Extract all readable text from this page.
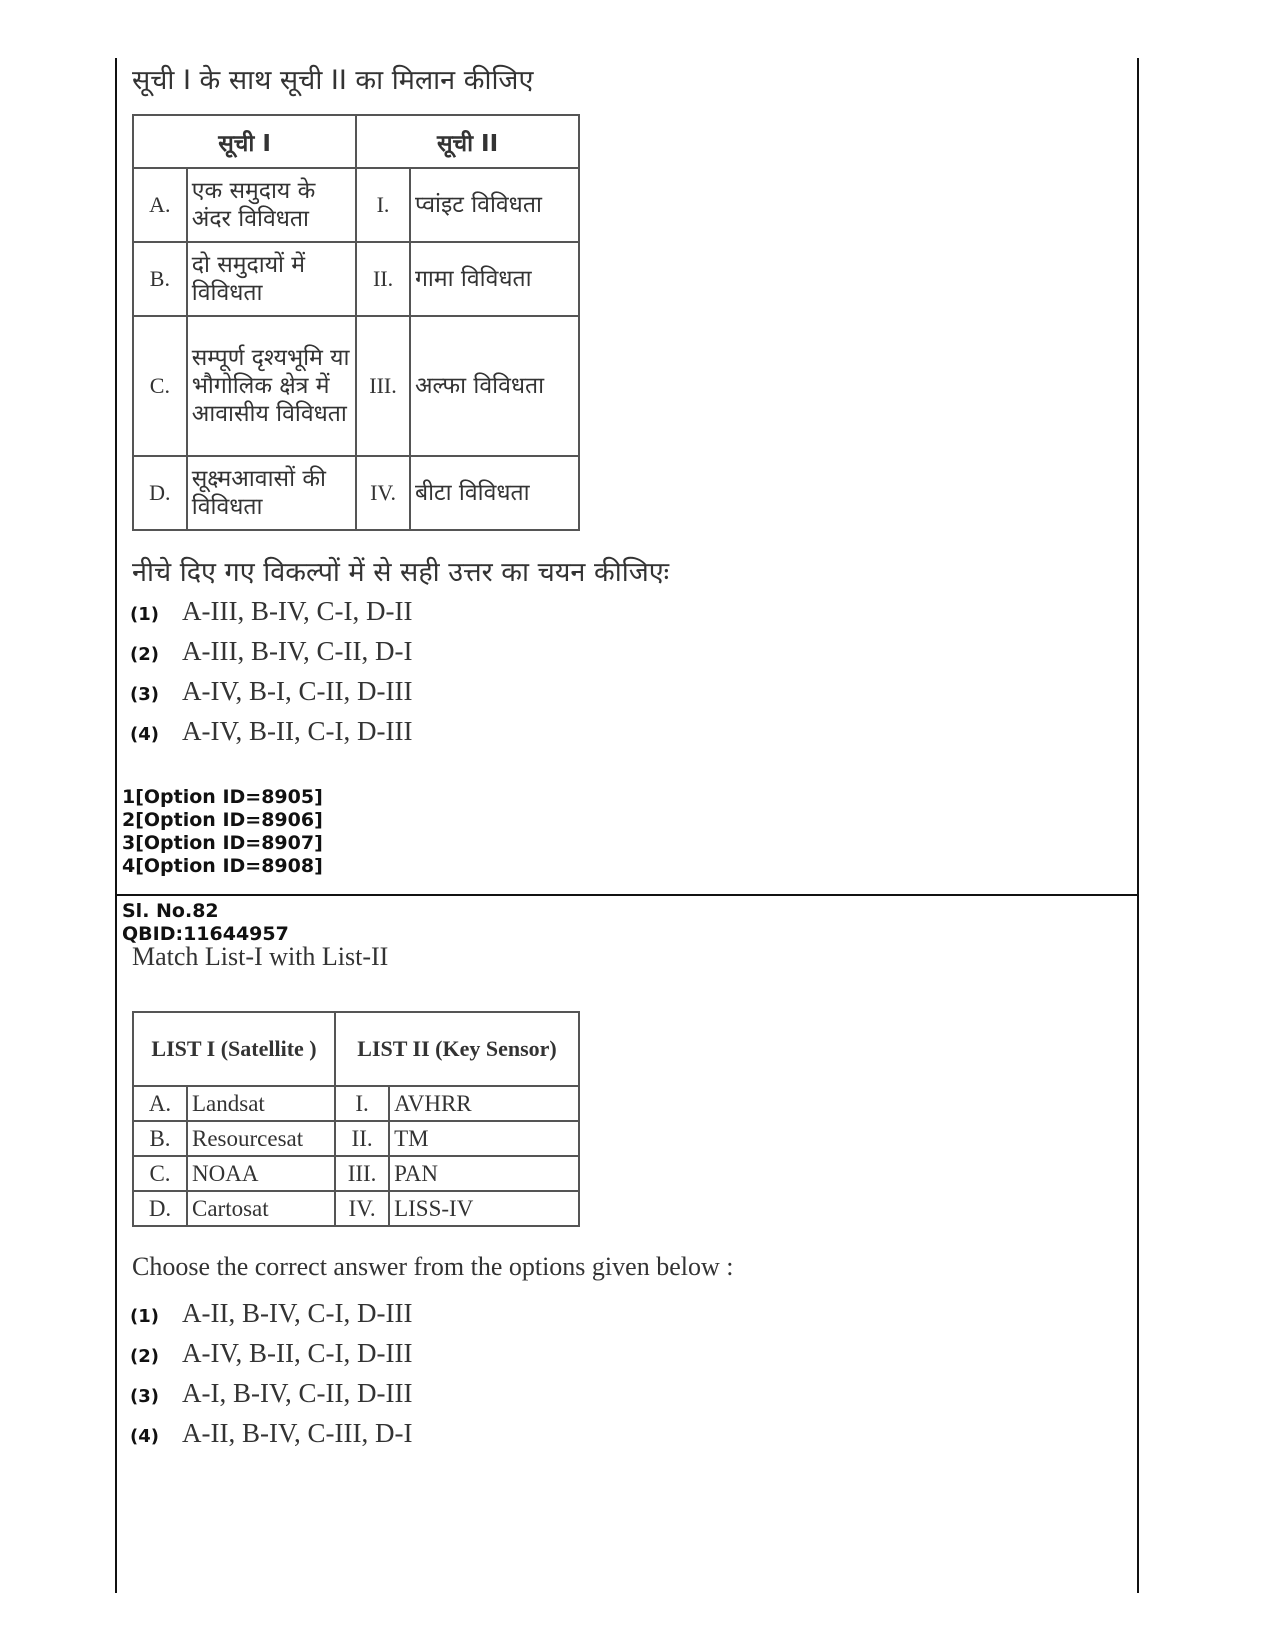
सूची I के साथ सूची II का मिलान कीजिए
सूची I		सूची II	
A.	एक समुदाय के अंदर विविधता	I.	प्वांइट विविधता
B.	दो समुदायों में विविधता	II.	गामा विविधता
C.	सम्पूर्ण दृश्यभूमि या भौगोलिक क्षेत्र में आवासीय विविधता	III.	अल्फा विविधता
D.	सूक्ष्मआवासों की विविधता	IV.	बीटा विविधता
नीचे दिए गए विकल्पों में से सही उत्तर का चयन कीजिएः
(1) A-III, B-IV, C-I, D-II
(2) A-III, B-IV, C-II, D-I
(3) A-IV, B-I, C-II, D-III
(4) A-IV, B-II, C-I, D-III
1[Option ID=8905]
2[Option ID=8906]
3[Option ID=8907]
4[Option ID=8908]
Sl. No.82
QBID:11644957
Match List-I with List-II
LIST I (Satellite )		LIST II (Key Sensor)	
A.	Landsat	I.	AVHRR
B.	Resourcesat	II.	TM
C.	NOAA	III.	PAN
D.	Cartosat	IV.	LISS-IV
Choose the correct answer from the options given below :
(1) A-II, B-IV, C-I, D-III
(2) A-IV, B-II, C-I, D-III
(3) A-I, B-IV, C-II, D-III
(4) A-II, B-IV, C-III, D-I
